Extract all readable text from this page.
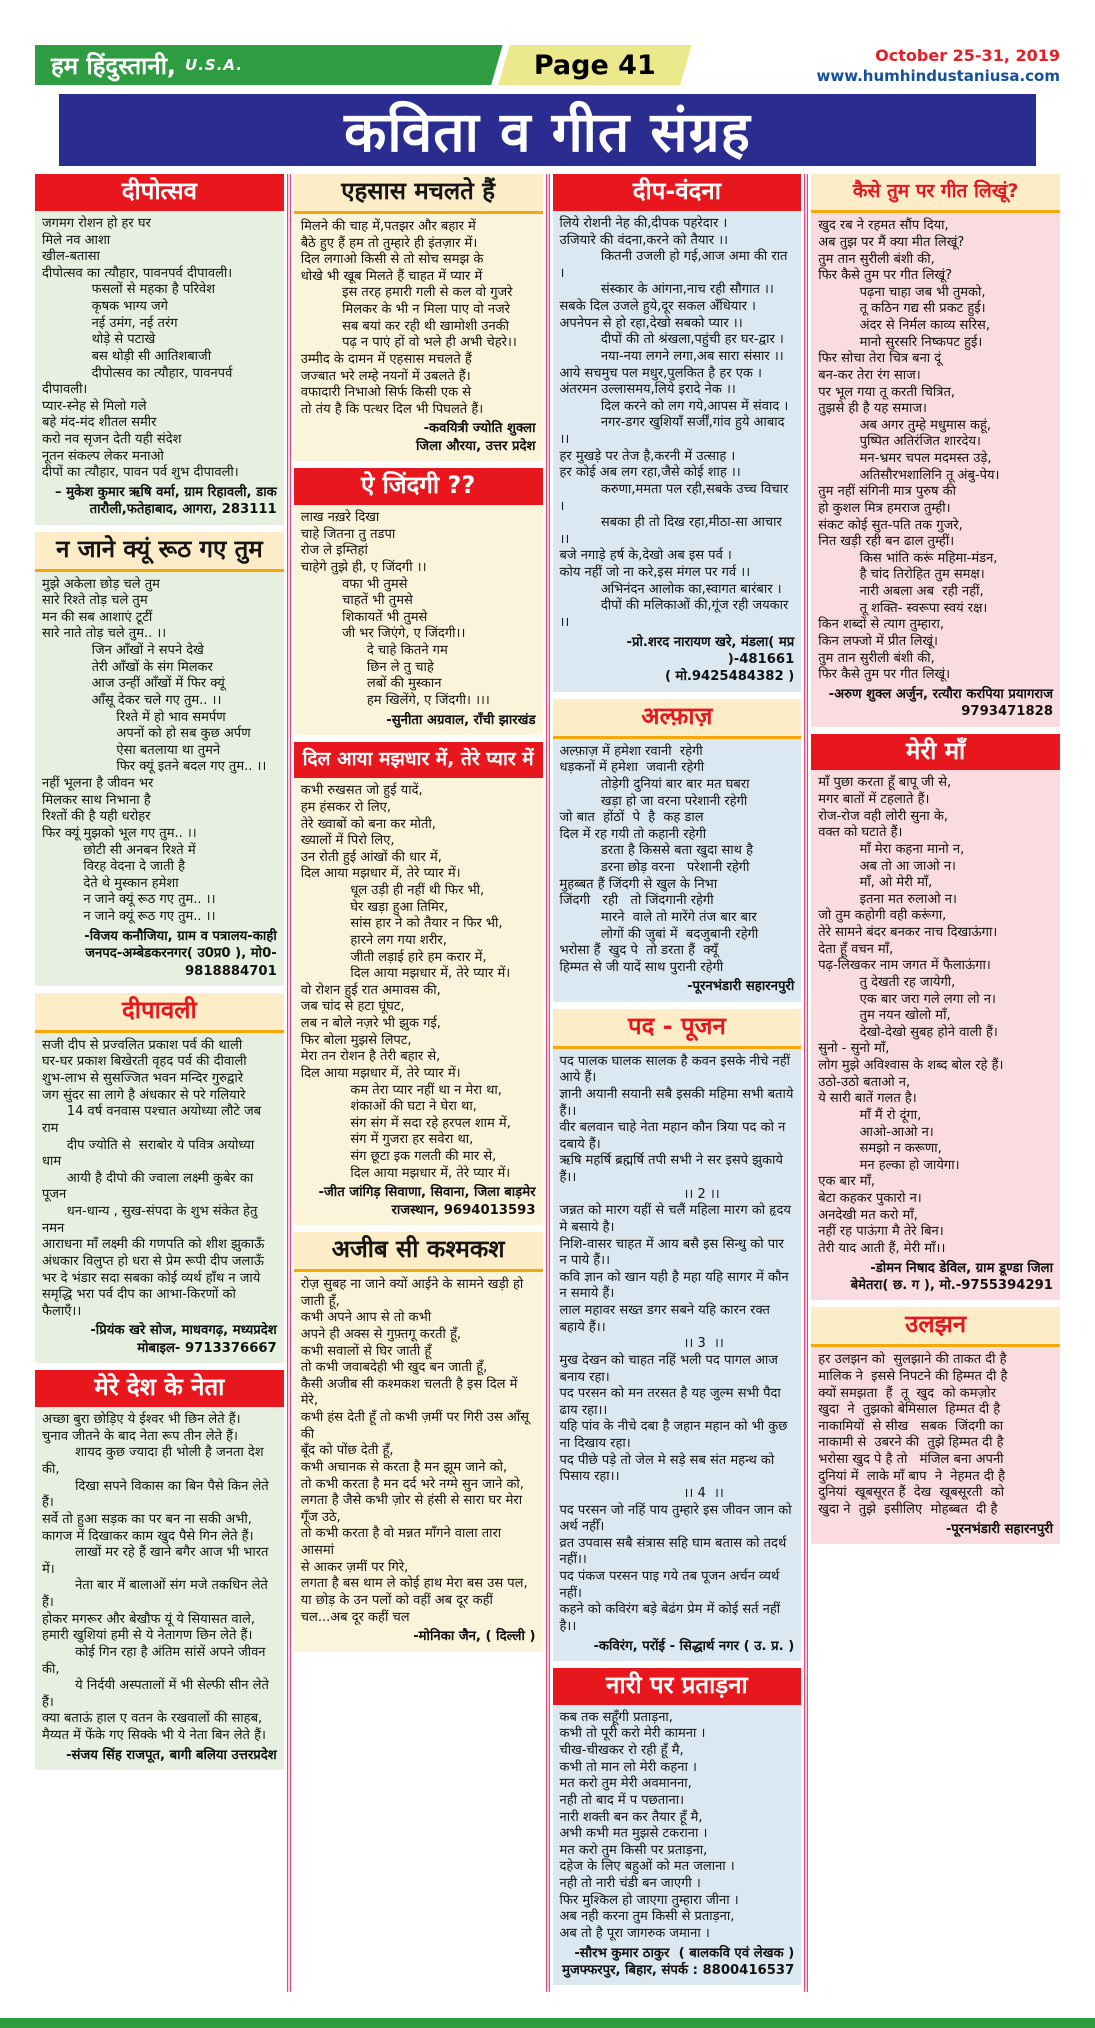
हम हिंदुस्तानी, U.S.A.	Page 41	October 25-31, 2019
www.humhindustaniusa.com
कविता व गीत संग्रह
दीपोत्सव
जगमग रोशन हो हर घर
मिले नव आशा
खील-बतासा
दीपोत्सव का त्यौहार, पावनपर्व दीपावली।
फसलों से महका है परिवेश
कृषक भाग्य जगे
नई उमंग, नई तरंग
थोड़े से पटाखे
बस थोड़ी सी आतिशबाजी
दीपोत्सव का त्यौहार, पावनपर्व दीपावली।
प्यार-स्नेह से मिलो गले
बहे मंद-मंद शीतल समीर
करो नव सृजन देती यही संदेश
नूतन संकल्प लेकर मनाओ
दीपों का त्यौहार, पावन पर्व शुभ दीपावली।
– मुकेश कुमार ऋषि वर्मा, ग्राम रिहावली, डाक
तारौली,फतेहाबाद, आगरा, 283111
न जाने क्यूं रूठ गए तुम
मुझे अकेला छोड़ चले तुम
सारे रिश्ते तोड़ चले तुम
मन की सब आशाएं टूटीं
सारे नाते तोड़ चले तुम.. ।।
जिन आँखों ने सपने देखे
तेरी आँखों के संग मिलकर
आज उन्हीं आँखों में फिर क्यूं
आँसू देकर चले गए तुम.. ।।
रिश्ते में हो भाव समर्पण
अपनों को हो सब कुछ अर्पण
ऐसा बतलाया था तुमने
फिर क्यूं इतने बदल गए तुम.. ।।
नहीं भूलना है जीवन भर
मिलकर साथ निभाना है
रिश्तों की है यही धरोहर
फिर क्यूं मुझको भूल गए तुम.. ।।
छोटी सी अनबन रिश्ते में
विरह वेदना दे जाती है
देते थे मुस्कान हमेशा
न जाने क्यूं रूठ गए तुम.. ।।
न जाने क्यूं रूठ गए तुम.. ।।
-विजय कनौजिया, ग्राम व पत्रालय-काही
जनपद-अम्बेडकरनगर( उ0प्र0 ), मो0-9818884701
दीपावली
सजी दीप से प्रज्वलित प्रकाश पर्व की थाली
घर-घर प्रकाश बिखेरती वृहद पर्व की दीवाली
शुभ-लाभ से सुसज्जित भवन मन्दिर गुरुद्वारे
जग सुंदर सा लागे है अंधकार से परे गलियारे
14 वर्ष वनवास पश्चात अयोध्या लौटे जब राम
दीप ज्योति से  सराबोर ये पवित्र अयोध्या धाम
आयी है दीपो की ज्वाला लक्ष्मी कुबेर का पूजन
धन-धान्य , सुख-संपदा के शुभ संकेत हेतु नमन
आराधना माँ लक्ष्मी की गणपति को शीश झुकाऊँ
अंधकार विलुप्त हो धरा से प्रेम रूपी दीप जलाऊँ
भर दे भंडार सदा सबका कोई व्यर्थ हाँथ न जाये
समृद्धि भरा पर्व दीप का आभा-किरणों को फैलाएँ।।
-प्रियंक खरे सोज, माधवगढ़, मध्यप्रदेश
मोबाइल- 9713376667
मेरे देश के नेता
अच्छा बुरा छोड़िए ये ईश्वर भी छिन लेते हैं।
चुनाव जीतने के बाद नेता रूप तीन लेते हैं।
शायद कुछ ज्यादा ही भोली है जनता देश की,
दिखा सपने विकास का बिन पैसे किन लेते हैं।
सर्वे तो हुआ सड़क का पर बन ना सकी अभी,
कागज में दिखाकर काम खुद पैसे गिन लेते हैं।
लाखों मर रहे हैं खाने बगैर आज भी भारत में।
नेता बार में बालाओं संग मजे तकधिन लेते हैं।
होकर मगरूर और बेखौफ यूं ये सियासत वाले,
हमारी खुशियां हमी से ये नेतागण छिन लेते हैं।
कोई गिन रहा है अंतिम सांसें अपने जीवन की,
ये निर्दयी अस्पतालों में भी सेल्फी सीन लेते हैं।
क्या बताऊं हाल ए वतन के रखवालों की साहब,
मैय्यत में फेंके गए सिक्के भी ये नेता बिन लेते हैं।
-संजय सिंह राजपूत, बागी बलिया उत्तरप्रदेश
एहसास मचलते हैं
मिलने की चाह में,पतझर और बहार में
बैठे हुए हैं हम तो तुम्हारे ही इंतज़ार में।
दिल लगाओ किसी से तो सोच समझ के
धोखे भी खूब मिलते हैं चाहत में प्यार में
इस तरह हमारी गली से कल वो गुजरे
मिलकर के भी न मिला पाए वो नजरे
सब बयां कर रही थी खामोशी उनकी
पढ़ न पाएं हों वो भले ही अभी चेहरे।।
उम्मीद के दामन में एहसास मचलते हैं
जज्बात भरे लम्हे नयनों में उबलते हैं।
वफादारी निभाओ सिर्फ किसी एक से
तो तंय है कि पत्थर दिल भी पिघलते हैं।
-कवयित्री ज्योति शुक्ला
जिला औरया, उत्तर प्रदेश
ऐ जिंदगी ??
लाख नख़रे दिखा
चाहे जितना तु तडपा
रोज ले इम्तिहां
चाहेगे तुझे ही, ए जिंदगी ।।
वफा भी तुमसे
चाहतें भी तुमसे
शिकायतें भी तुमसे
जी भर जिएंगे, ए जिंदगी।।
दे चाहे कितने गम
छिन ले तु चाहे
लबों की मुस्कान
हम खिलेंगे, ए जिंदगी। ।।।
-सुनीता अग्रवाल, राँची झारखंड
दिल आया मझधार में, तेरे प्यार में
कभी रुखसत जो हुई यादें,
हम हंसकर रो लिए,
तेरे ख्वाबों को बना कर मोती,
ख्यालों में पिरो लिए,
उन रोती हुई आंखों की धार में,
दिल आया मझधार में, तेरे प्यार में।
धूल उड़ी ही नहीं थी फिर भी,
घेर खड़ा हुआ तिमिर,
सांस हार ने को तैयार न फिर भी,
हारने लग गया शरीर,
जीती लड़ाई हारे हम करार में,
दिल आया मझधार में, तेरे प्यार में।
वो रोशन हुई रात अमावस की,
जब चांद से हटा घूंघट,
लब न बोले नज़रे भी झुक गई,
फिर बोला मुझसे लिपट,
मेरा तन रोशन है तेरी बहार से,
दिल आया मझधार में, तेरे प्यार में।
कम तेरा प्यार नहीं था न मेरा था,
शंकाओं की घटा ने घेरा था,
संग संग में सदा रहे हरपल शाम में,
संग में गुजरा हर सवेरा था,
संग छूटा इक गलती की मार से,
दिल आया मझधार में, तेरे प्यार में।
-जीत जांगिड़ सिवाणा, सिवाना, जिला बाड़मेर
राजस्थान, 9694013593
अजीब सी कश्मकश
रोज़ सुबह ना जाने क्यों आईने के सामने खड़ी हो जाती हूँ,
कभी अपने आप से तो कभी
अपने ही अक्स से गुफ़्तगू करती हूँ,
कभी सवालों से घिर जाती हूँ
तो कभी जवाबदेही भी खुद बन जाती हूँ,
कैसी अजीब सी कश्मकश चलती है इस दिल में मेरे,
कभी हंस देती हूँ तो कभी ज़मीं पर गिरी उस आँसू की
बूँद को पोंछ देती हूँ,
कभी अचानक से करता है मन झूम जाने को,
तो कभी करता है मन दर्द भरे नग्मे सुन जाने को,
लगता है जैसे कभी ज़ोर से हंसी से सारा घर मेरा गूँज उठे,
तो कभी करता है वो मन्नत माँगने वाला तारा आसमां
से आकर ज़मीं पर गिरे,
लगता है बस थाम ले कोई हाथ मेरा बस उस पल,
या छोड़ के उन पलों को वहीं अब दूर कहीं
चल...अब दूर कहीं चल
-मोनिका जैन, ( दिल्ली )
दीप-वंदना
लिये रोशनी नेह की,दीपक पहरेदार ।
उजियारे की वंदना,करने को तैयार ।।
कितनी उजली हो गई,आज अमा की रात ।
संस्कार के आंगना,नाच रही सौगात ।।
सबके दिल उजले हुये,दूर सकल अँधियार ।
अपनेपन से हो रहा,देखो सबको प्यार ।।
दीपों की तो श्रंखला,पहुंची हर घर-द्वार ।
नया-नया लगने लगा,अब सारा संसार ।।
आये सचमुच पल मधुर,पुलकित है हर एक ।
अंतरमन उल्लासमय,लिये इरादे नेक ।।
दिल करने को लग गये,आपस में संवाद ।
नगर-डगर खुशियाँ सर्जीं,गांव हुये आबाद ।।
हर मुखड़े पर तेज है,करनी में उत्साह ।
हर कोई अब लग रहा,जैसे कोई शाह ।।
करुणा,ममता पल रही,सबके उच्च विचार ।
सबका ही तो दिख रहा,मीठा-सा आचार ।।
बजे नगाड़े हर्ष के,देखो अब इस पर्व ।
कोय नहीं जो ना करे,इस मंगल पर गर्व ।।
अभिनंदन आलोक का,स्वागत बारंबार ।
दीपों की मलिकाओं की,गूंज रही जयकार ।।
-प्रो.शरद नारायण खरे, मंडला( मप्र )-481661
( मो.9425484382 )
अल्फ़ाज़
अल्फ़ाज़ में हमेशा रवानी  रहेगी
धड़कनों में हमेशा  जवानी रहेगी
तोड़ेगी दुनियां बार बार मत घबरा
खड़ा हो जा वरना परेशानी रहेगी
जो बात  होंठों  पे  है  कह डाल
दिल में रह गयी तो कहानी रहेगी
डरता है किससे बता खुदा साथ है
डरना छोड़ वरना   परेशानी रहेगी
मुहब्बत हैं जिंदगी से खुल के निभा
जिंदगी   रही   तो जिंदगानी रहेगी
मारने  वाले तो मारेंगे तंज बार बार
लोगों की जुबां में  बदजुबानी रहेगी
भरोसा हैं  खुद पे  तो डरता हैं  क्यूँ
हिम्मत से जी यादें साथ पुरानी रहेगी
-पूरनभंडारी सहारनपुरी
पद - पूजन
पद पालक घालक सालक है कवन इसके नीचे नहीं आये हैं।
ज्ञानी अयानी सयानी सबै इसकी महिमा सभी बताये हैं।।
वीर बलवान चाहे नेता महान कौन त्रिया पद को न दबाये हैं।
ऋषि महर्षि ब्रह्मर्षि तपी सभी ने सर इसपे झुकाये हैं।।
।। 2 ।।
जन्नत को मारग यहीं से चलैं महिला मारग को हृदय मे बसाये है।
निशि-वासर चाहत में आय बसै इस सिन्धु को पार न पाये हैं।।
कवि ज्ञान को खान यही है महा यहि सागर में कौन न समाये हैं।
लाल महावर सख्त डगर सबने यहि कारन रक्त बहाये हैं।।
।। 3  ।।
मुख देखन को चाहत नहिं भली पद पागल आज बनाय रहा।
पद परसन को मन तरसत है यह जुल्म सभी पैदा ढाय रहा।।
यहि पांव के नीचे दबा है जहान महान को भी कुछ ना दिखाय रहा।
पद पीछे पड़े तो जेल मे सड़े सब संत महन्थ को पिसाय रहा।।
।। 4  ।।
पद परसन जो नहिं पाय तुम्हारे इस जीवन जान को अर्थ नहीँ।
व्रत उपवास सबै संत्रास सहि घाम बतास को तदर्थ नहीं।।
पद पंकज परसन पाइ गये तब पूजन अर्चन व्यर्थ नहीं।
कहने को कविरंग बड़े बेढंग प्रेम में कोई सर्त नहीं है।।
-कविरंग, परोंई - सिद्धार्थ नगर ( उ. प्र. )
नारी पर प्रताड़ना
कब तक सहूँगी प्रताड़ना,
कभी तो पूरी करो मेरी कामना ।
चीख-चीखकर रो रही हूँ मै,
कभी तो मान लो मेरी कहना ।
मत करो तुम मेरी अवमानना,
नही तो बाद में प पछताना।
नारी शक्ती बन कर तैयार हूँ मै,
अभी कभी मत मुझसे टकराना ।
मत करो तुम किसी पर प्रताड़ना,
दहेज के लिए बहुओं को मत जलाना ।
नही तो नारी चंडी बन जाएगी ।
फिर मुश्किल हो जाएगा तुम्हारा जीना ।
अब नही करना तुम किसी से प्रताड़ना,
अब तो है पूरा जागरुक जमाना ।
-सौरभ कुमार ठाकुर  ( बालकवि एवं लेखक )
मुजफ्फरपुर, बिहार, संपर्क : 8800416537
कैसे तुम पर गीत लिखूं?
खुद रब ने रहमत सौंप दिया,
अब तुझ पर मैं क्या मीत लिखूं?
तुम तान सुरीली बंशी की,
फिर कैसे तुम पर गीत लिखूं?
पढ़ना चाहा जब भी तुमको,
तू कठिन गद्य सी प्रकट हुई।
अंदर से निर्मल काव्य सरिस,
मानो सुरसरि निष्कपट हुई।
फिर सोचा तेरा चित्र बना दूं
बन-कर तेरा रंग साज।
पर भूल गया तू करती चित्रित,
तुझसे ही है यह समाज।
अब अगर तुम्हे मधुमास कहूं,
पुष्पित अतिरंजित शारदेय।
मन-भ्रमर चपल मदमस्त उड़े,
अतिसौरभशालिनि तू अंबु-पेय।
तुम नहीं संगिनी मात्र पुरुष की
हो कुशल मित्र हमराज तुम्ही।
संकट कोई सुत-पति तक गुजरे,
नित खड़ी रही बन ढाल तुम्हीं।
किस भांति करूं महिमा-मंडन,
है चांद तिरोहित तुम समक्ष।
नारी अबला अब  रही नहीं,
तू शक्ति- स्वरूपा स्वयं रक्ष।
किन शब्दों से त्याग तुम्हारा,
किन लफ्जो में प्रीत लिखूं।
तुम तान सुरीली बंशी की,
फिर कैसे तुम पर गीत लिखूं।
-अरुण शुक्ल अर्जुन, रत्यौरा करपिया प्रयागराज
9793471828
मेरी माँ
माँ पुछा करता हूँ बापू जी से,
मगर बातों में टहलाते हैं।
रोज-रोज वही लोरी सुना के,
वक्त को घटाते हैं।
माँ मेरा कहना मानो न,
अब तो आ जाओ न।
माँ, ओ मेरी माँ,
इतना मत रुलाओ न।
जो तुम कहोगी वही करूंगा,
तेरे सामने बंदर बनकर नाच दिखाऊंगा।
देता हूँ वचन माँ,
पढ़-लिखकर नाम जगत में फैलाऊंगा।
तु देखती रह जायेगी,
एक बार जरा गले लगा लो न।
तुम नयन खोलो माँ,
देखो-देखो सुबह होने वाली हैं।
सुनो - सुनो माँ,
लोग मुझे अविश्वास के शब्द बोल रहे हैं।
उठो-उठो बताओ न,
ये सारी बातें गलत है।
माँ मैं रो दूंगा,
आओ-आओ न।
समझो न करूणा,
मन हल्का हो जायेगा।
एक बार माँ,
बेटा कहकर पुकारो न।
अनदेखी मत करो माँ,
नहीं रह पाऊंगा मै तेरे बिन।
तेरी याद आती हैं, मेरी माँ।।
-डोमन निषाद डेविल, ग्राम डूण्डा जिला
बेमेतरा( छ. ग ), मो.-9755394291
उलझन
हर उलझन को  सुलझाने की ताकत दी है
मालिक ने  इससे निपटने की हिम्मत दी है
क्यों समझता  हैं  तू  खुद  को कमज़ोर
खुदा  ने  तुझको बेमिसाल  हिम्मत दी है
नाकामियों  से सीख   सबक  जिंदगी का
नाकामी से  उबरने की  तुझे हिम्मत दी है
भरोसा खुद पे है तो   मंजिल बना अपनी
दुनियां में  लाके माँ बाप  ने  नेहमत दी है
दुनियां  खूबसूरत हैं  देख  खूबसूरती  को
खुदा ने  तुझे  इसीलिए  मोहब्बत  दी है
-पूरनभंडारी सहारनपुरी
